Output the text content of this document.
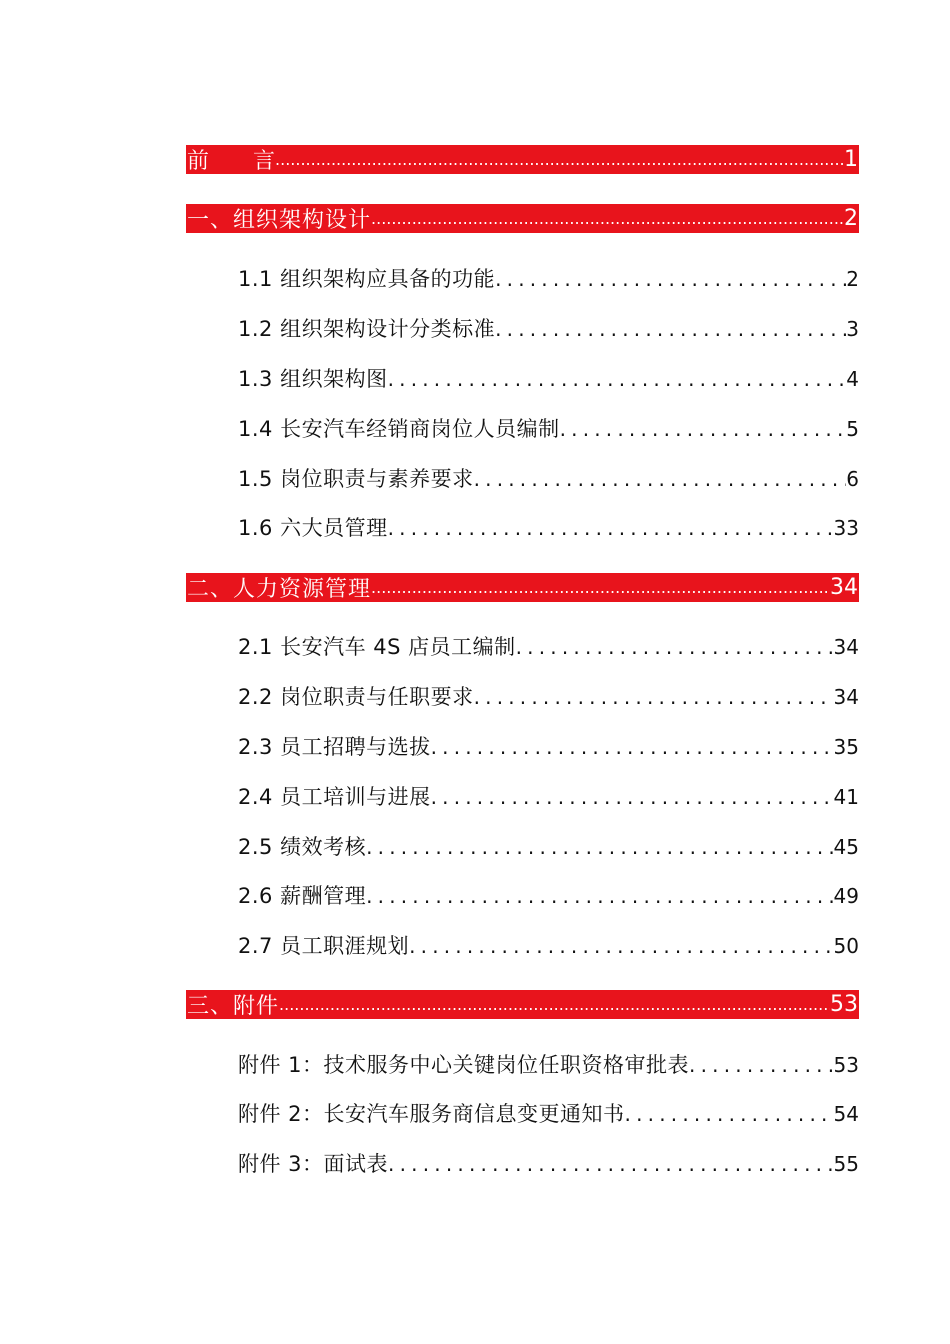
前　　言 .....	1
一、组织架构设计 .....	2
1.1 组织架构应具备的功能 .....	2
1.2 组织架构设计分类标准 .....	3
1.3 组织架构图 .....	4
1.4 长安汽车经销商岗位人员编制 .....	5
1.5 岗位职责与素养要求 .....	6
1.6 六大员管理 .....	33
二、人力资源管理 .....	34
2.1 长安汽车 4S 店员工编制 .....	34
2.2 岗位职责与任职要求 .....	34
2.3 员工招聘与选拔 .....	35
2.4 员工培训与进展 .....	41
2.5 绩效考核 .....	45
2.6 薪酬管理 .....	49
2.7 员工职涯规划 .....	50
三、附件 .....	53
附件 1：技术服务中心关键岗位任职资格审批表 .....	53
附件 2：长安汽车服务商信息变更通知书 .....	54
附件 3：面试表 .....	55
